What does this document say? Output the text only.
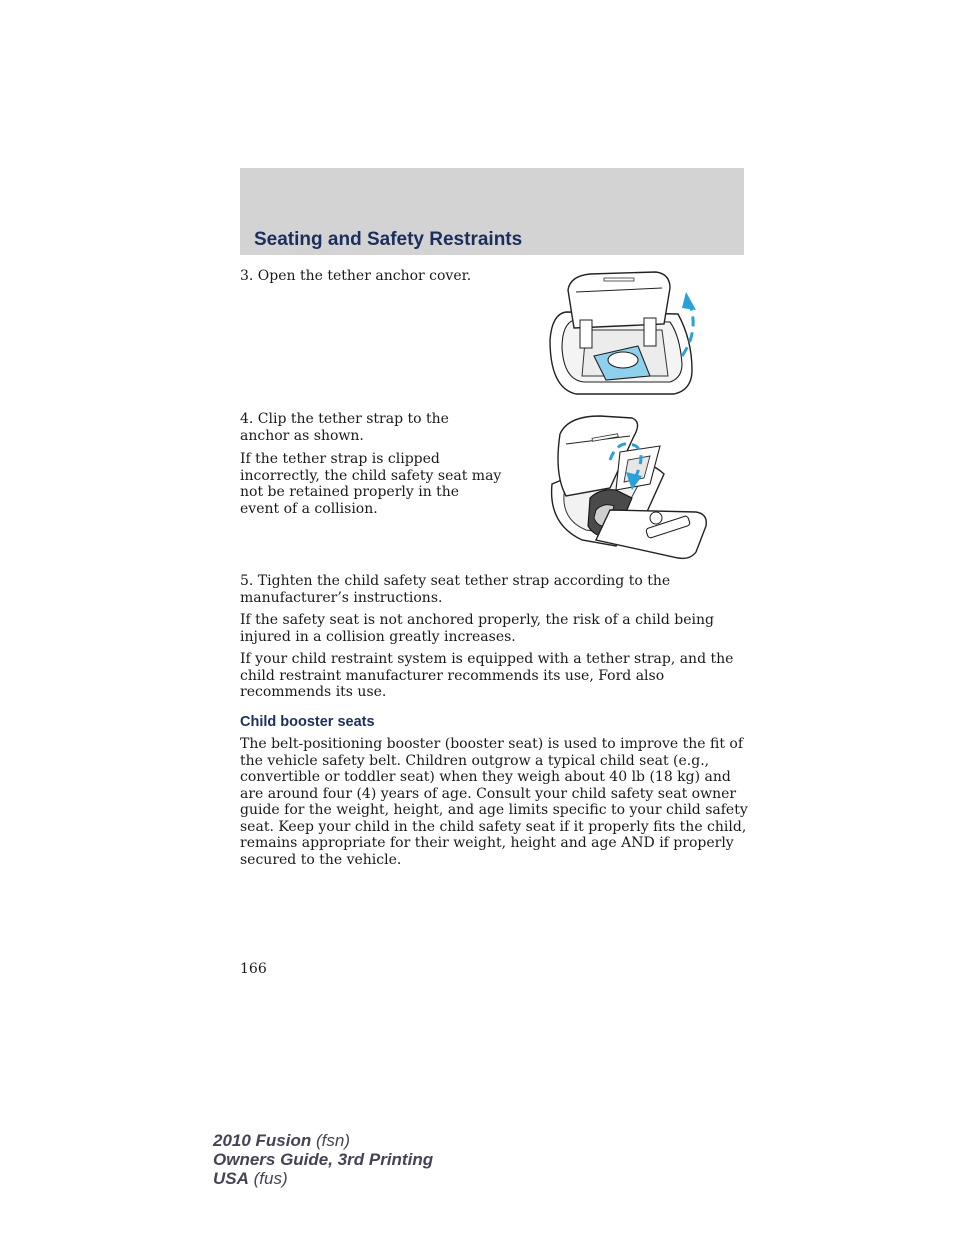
Seating and Safety Restraints

3. Open the tether anchor cover.

4. Clip the tether strap to the anchor as shown.

If the tether strap is clipped incorrectly, the child safety seat may not be retained properly in the event of a collision.

5. Tighten the child safety seat tether strap according to the manufacturer’s instructions.

If the safety seat is not anchored properly, the risk of a child being injured in a collision greatly increases.

If your child restraint system is equipped with a tether strap, and the child restraint manufacturer recommends its use, Ford also recommends its use.

Child booster seats

The belt-positioning booster (booster seat) is used to improve the fit of the vehicle safety belt. Children outgrow a typical child seat (e.g., convertible or toddler seat) when they weigh about 40 lb (18 kg) and are around four (4) years of age. Consult your child safety seat owner guide for the weight, height, and age limits specific to your child safety seat. Keep your child in the child safety seat if it properly fits the child, remains appropriate for their weight, height and age AND if properly secured to the vehicle.

166

2010 Fusion (fsn)
Owners Guide, 3rd Printing
USA (fus)
